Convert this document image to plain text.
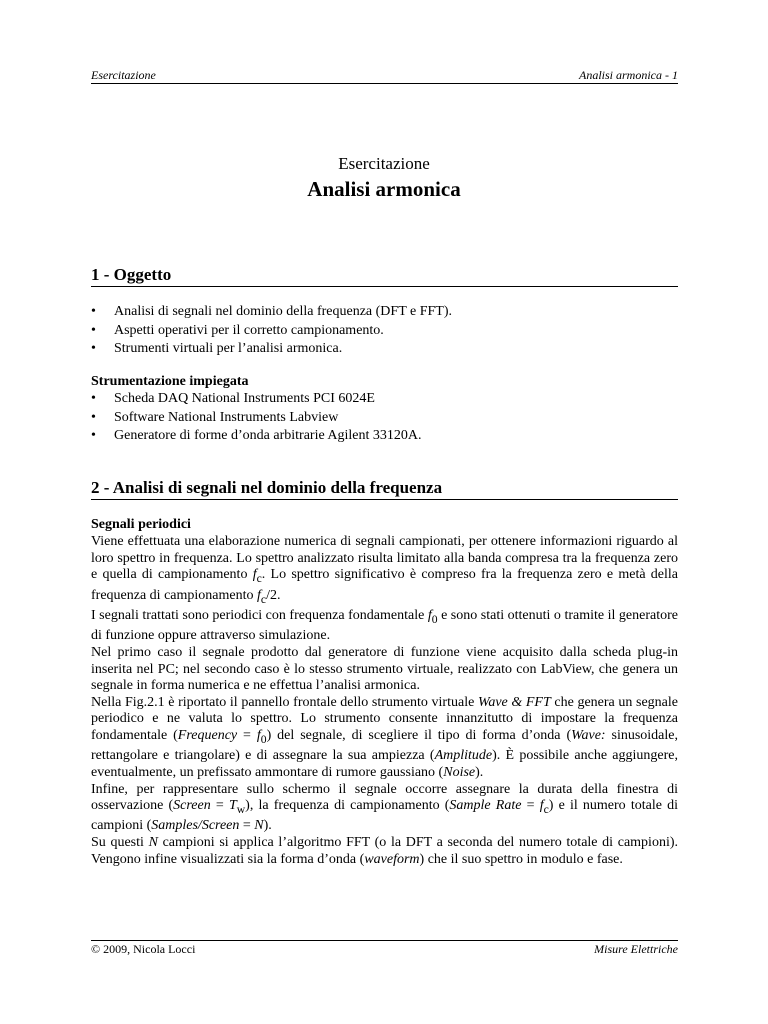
Esercitazione	Analisi armonica - 1
Esercitazione
Analisi armonica
1 - Oggetto
• Analisi di segnali nel dominio della frequenza (DFT e FFT).
• Aspetti operativi per il corretto campionamento.
• Strumenti virtuali per l’analisi armonica.
Strumentazione impiegata
• Scheda DAQ National Instruments PCI 6024E
• Software National Instruments Labview
• Generatore di forme d’onda arbitrarie Agilent 33120A.
2 - Analisi di segnali nel dominio della frequenza
Segnali periodici

Viene effettuata una elaborazione numerica di segnali campionati, per ottenere informazioni riguardo al loro spettro in frequenza. Lo spettro analizzato risulta limitato alla banda compresa tra la frequenza zero e quella di campionamento $f_c$. Lo spettro significativo è compreso fra la frequenza zero e metà della frequenza di campionamento $f_c/2$.

I segnali trattati sono periodici con frequenza fondamentale $f_0$ e sono stati ottenuti o tramite il generatore di funzione oppure attraverso simulazione.

Nel primo caso il segnale prodotto dal generatore di funzione viene acquisito dalla scheda plug-in inserita nel PC; nel secondo caso è lo stesso strumento virtuale, realizzato con LabView, che genera un segnale in forma numerica e ne effettua l’analisi armonica.

Nella Fig.2.1 è riportato il pannello frontale dello strumento virtuale Wave & FFT che genera un segnale periodico e ne valuta lo spettro. Lo strumento consente innanzitutto di impostare la frequenza fondamentale (Frequency = $f_0$) del segnale, di scegliere il tipo di forma d’onda (Wave: sinusoidale, rettangolare e triangolare) e di assegnare la sua ampiezza (Amplitude). È possibile anche aggiungere, eventualmente, un prefissato ammontare di rumore gaussiano (Noise).

Infine, per rappresentare sullo schermo il segnale occorre assegnare la durata della finestra di osservazione (Screen = $T_w$), la frequenza di campionamento (Sample Rate = $f_c$) e il numero totale di campioni (Samples/Screen = N).

Su questi N campioni si applica l’algoritmo FFT (o la DFT a seconda del numero totale di campioni). Vengono infine visualizzati sia la forma d’onda (waveform) che il suo spettro in modulo e fase.

© 2009, Nicola Locci	Misure Elettriche
